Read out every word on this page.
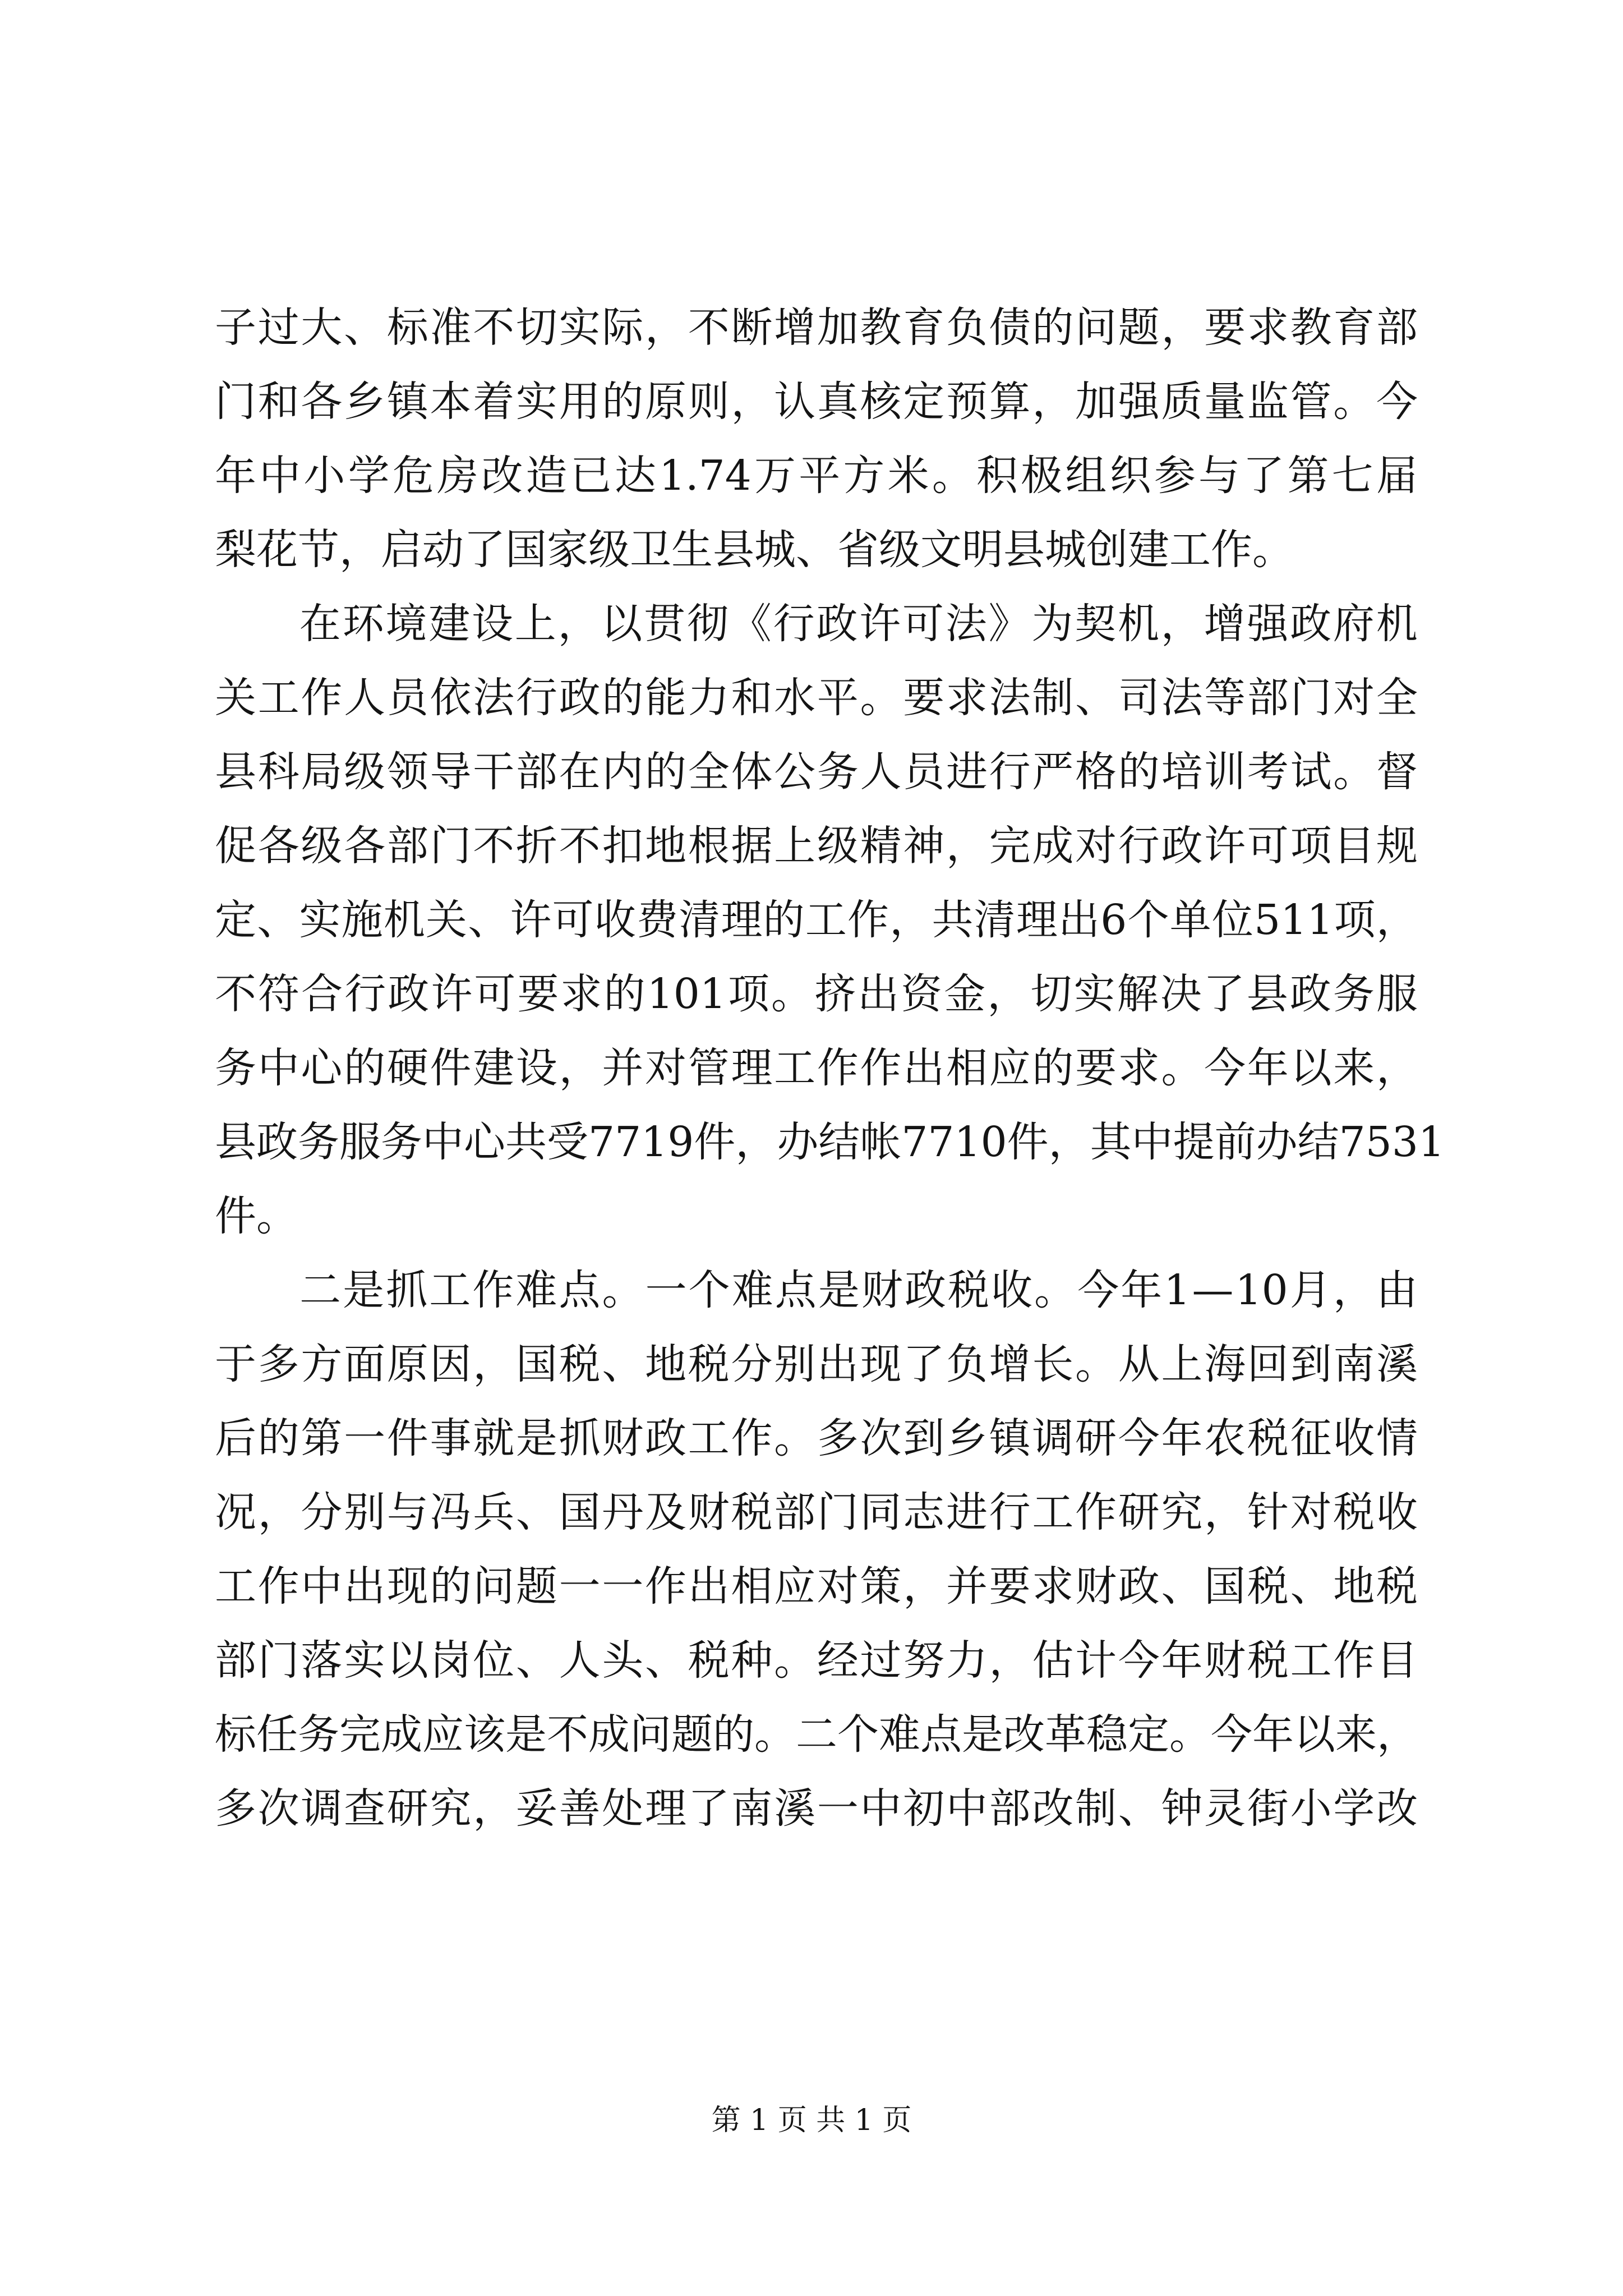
子 过 大 、 标 准 不 切 实 际 ， 不 断 增 加 教 育 负 债 的 问 题 ， 要 求 教 育 部
门 和 各 乡 镇 本 着 实 用 的 原 则 ， 认 真 核 定 预 算 ， 加 强 质 量 监 管 。 今
年 中 小 学 危 房 改 造 已 达 1.74 万 平 方 米 。 积 极 组 织 参 与 了 第 七 届
梨 花 节 ， 启 动 了 国 家 级 卫 生 县 城 、 省 级 文 明 县 城 创 建 工 作 。
在 环 境 建 设 上 ， 以 贯 彻 《 行 政 许 可 法 》 为 契 机 ， 增 强 政 府 机
关 工 作 人 员 依 法 行 政 的 能 力 和 水 平 。 要 求 法 制 、 司 法 等 部 门 对 全
县 科 局 级 领 导 干 部 在 内 的 全 体 公 务 人 员 进 行 严 格 的 培 训 考 试 。 督
促 各 级 各 部 门 不 折 不 扣 地 根 据 上 级 精 神 ， 完 成 对 行 政 许 可 项 目 规
定 、 实 施 机 关 、 许 可 收 费 清 理 的 工 作 ， 共 清 理 出 6 个 单 位 511 项 ，
不 符 合 行 政 许 可 要 求 的 101 项 。 挤 出 资 金 ， 切 实 解 决 了 县 政 务 服
务 中 心 的 硬 件 建 设 ， 并 对 管 理 工 作 作 出 相 应 的 要 求 。 今 年 以 来 ，
县 政 务 服 务 中 心 共 受 7719 件 ， 办 结 帐 7710 件 ， 其 中 提 前 办 结 7531
件 。
二 是 抓 工 作 难 点 。 一 个 难 点 是 财 政 税 收 。 今 年 1 — 10 月 ， 由
于 多 方 面 原 因 ， 国 税 、 地 税 分 别 出 现 了 负 增 长 。 从 上 海 回 到 南 溪
后 的 第 一 件 事 就 是 抓 财 政 工 作 。 多 次 到 乡 镇 调 研 今 年 农 税 征 收 情
况 ， 分 别 与 冯 兵 、 国 丹 及 财 税 部 门 同 志 进 行 工 作 研 究 ， 针 对 税 收
工 作 中 出 现 的 问 题 一 一 作 出 相 应 对 策 ， 并 要 求 财 政 、 国 税 、 地 税
部 门 落 实 以 岗 位 、 人 头 、 税 种 。 经 过 努 力 ， 估 计 今 年 财 税 工 作 目
标 任 务 完 成 应 该 是 不 成 问 题 的 。 二 个 难 点 是 改 革 稳 定 。 今 年 以 来 ，
多 次 调 查 研 究 ， 妥 善 处 理 了 南 溪 一 中 初 中 部 改 制 、 钟 灵 街 小 学 改
第 1 页 共 1 页
